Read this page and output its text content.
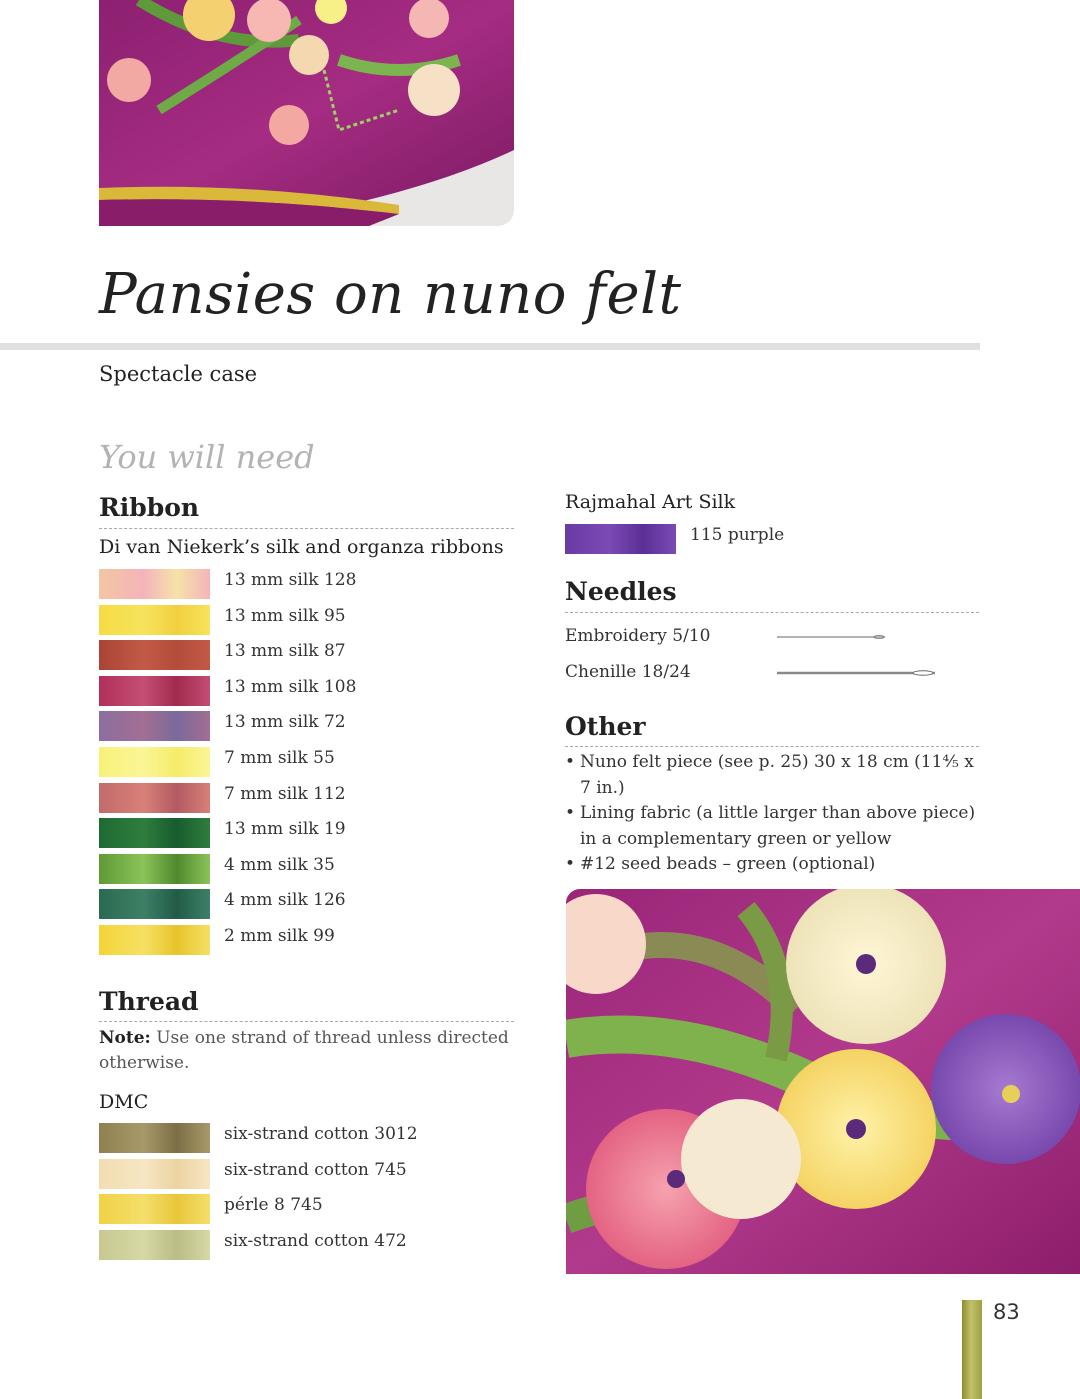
Pansies on nuno felt
Spectacle case
You will need
Ribbon
Di van Niekerk’s silk and organza ribbons
13 mm silk 128
13 mm silk 95
13 mm silk 87
13 mm silk 108
13 mm silk 72
7 mm silk 55
7 mm silk 112
13 mm silk 19
4 mm silk 35
4 mm silk 126
2 mm silk 99
Thread
Note: Use one strand of thread unless directed otherwise.
DMC
six-strand cotton 3012
six-strand cotton 745
pérle 8 745
six-strand cotton 472
Rajmahal Art Silk
115 purple
Needles
Embroidery 5/10
Chenille 18/24
Other
• Nuno felt piece (see p. 25) 30 x 18 cm (11⅘ x 7 in.)
• Lining fabric (a little larger than above piece) in a complementary green or yellow
• #12 seed beads – green (optional)
83
